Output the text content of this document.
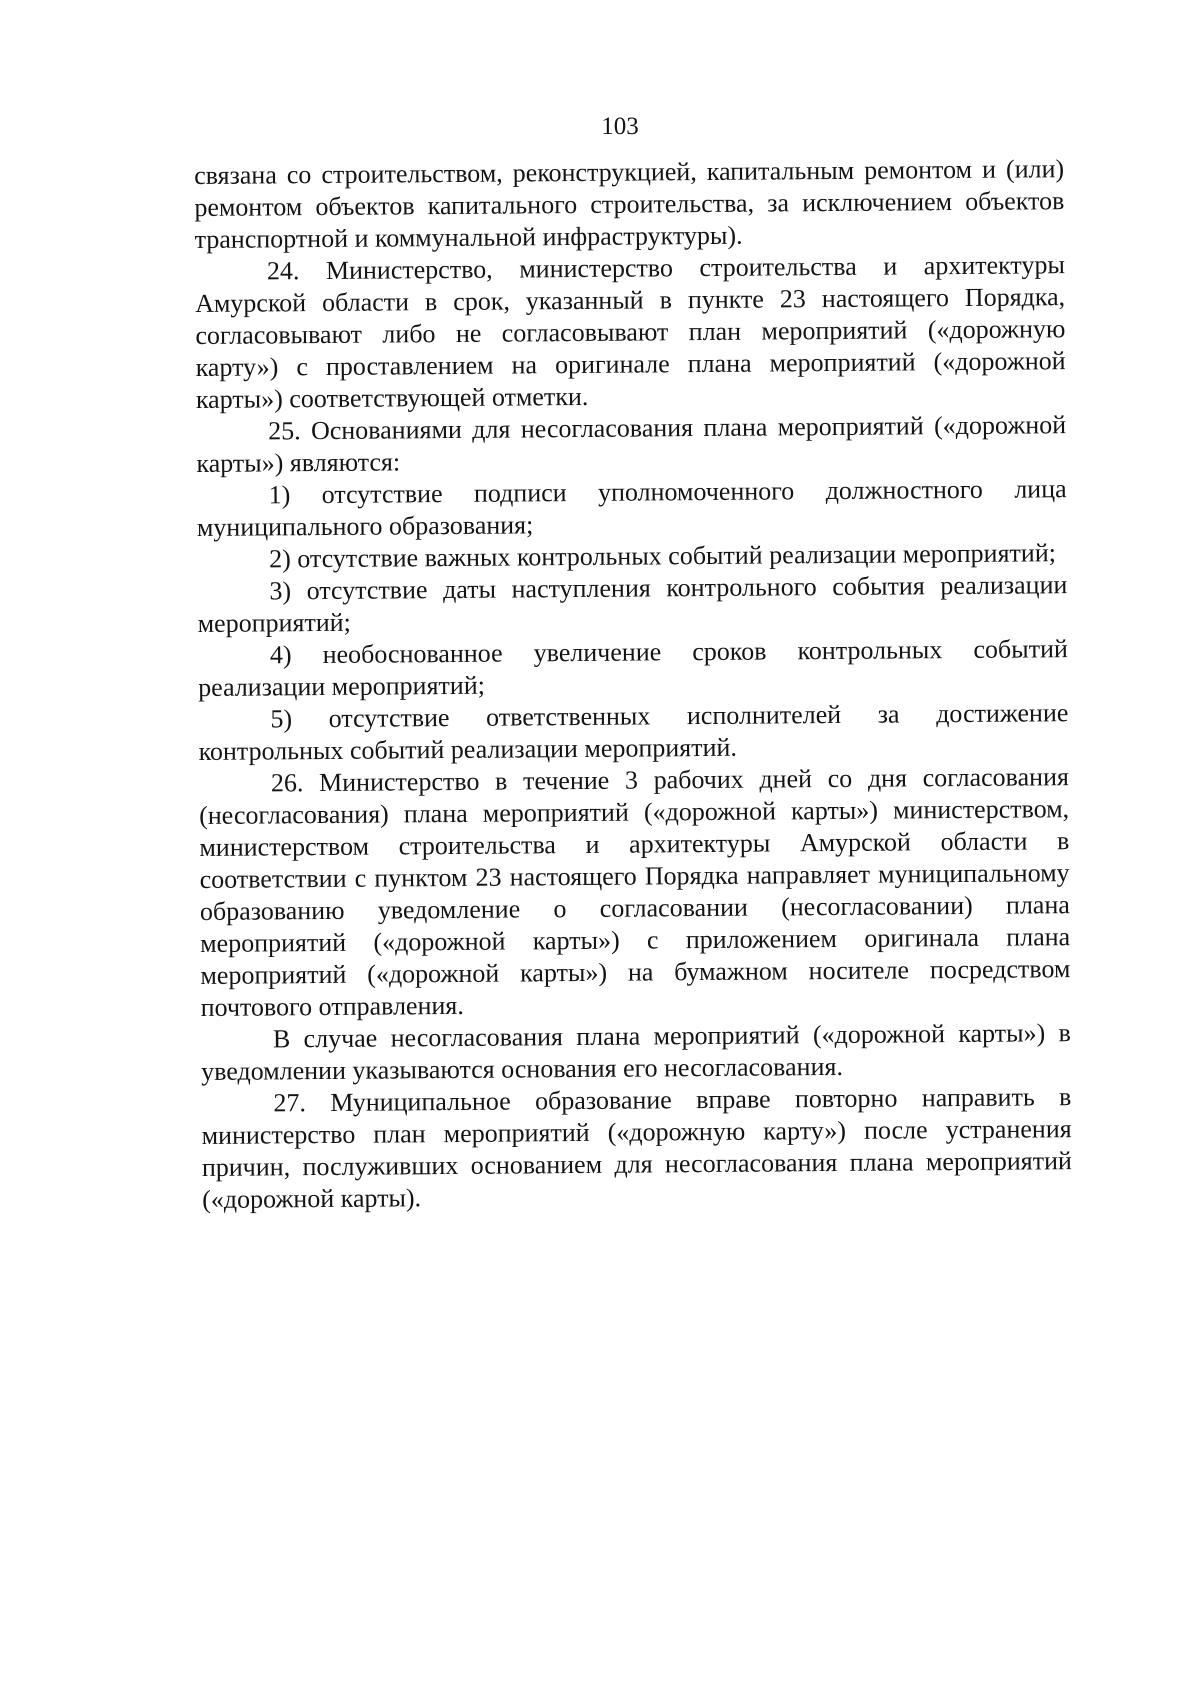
103

связана со строительством, реконструкцией, капитальным ремонтом и (или) ремонтом объектов капитального строительства, за исключением объектов транспортной и коммунальной инфраструктуры).

24. Министерство, министерство строительства и архитектуры Амурской области в срок, указанный в пункте 23 настоящего Порядка, согласовывают либо не согласовывают план мероприятий («дорожную карту») с проставлением на оригинале плана мероприятий («дорожной карты») соответствующей отметки.

25. Основаниями для несогласования плана мероприятий («дорожной карты») являются:

1) отсутствие подписи уполномоченного должностного лица муниципального образования;

2) отсутствие важных контрольных событий реализации мероприятий;

3) отсутствие даты наступления контрольного события реализации мероприятий;

4) необоснованное увеличение сроков контрольных событий реализации мероприятий;

5) отсутствие ответственных исполнителей за достижение контрольных событий реализации мероприятий.

26. Министерство в течение 3 рабочих дней со дня согласования (несогласования) плана мероприятий («дорожной карты») министерством, министерством строительства и архитектуры Амурской области в соответствии с пунктом 23 настоящего Порядка направляет муниципальному образованию уведомление о согласовании (несогласовании) плана мероприятий («дорожной карты») с приложением оригинала плана мероприятий («дорожной карты») на бумажном носителе посредством почтового отправления.

В случае несогласования плана мероприятий («дорожной карты») в уведомлении указываются основания его несогласования.

27. Муниципальное образование вправе повторно направить в министерство план мероприятий («дорожную карту») после устранения причин, послуживших основанием для несогласования плана мероприятий («дорожной карты).
